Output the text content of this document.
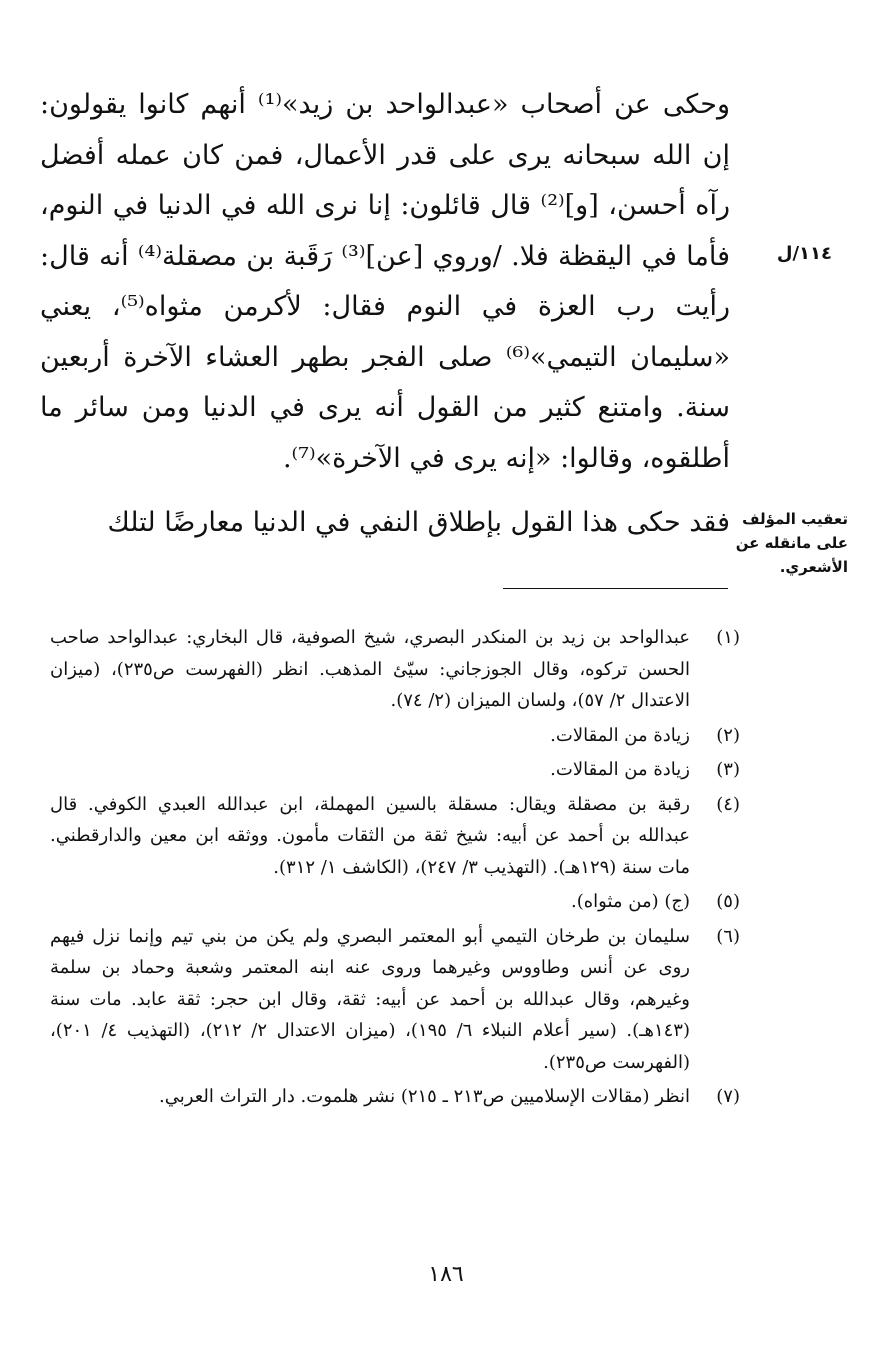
وحكى عن أصحاب «عبدالواحد بن زيد»⁽¹⁾ أنهم كانوا يقولون: إن الله سبحانه يرى على قدر الأعمال، فمن كان عمله أفضل رآه أحسن، [و]⁽²⁾ قال قائلون: إنا نرى الله في الدنيا في النوم، فأما في اليقظة فلا. /وروي [عن]⁽³⁾ رَقَبة بن مصقلة⁽⁴⁾ أنه قال: رأيت رب العزة في النوم فقال: لأكرمن مثواه⁽⁵⁾، يعني «سليمان التيمي»⁽⁶⁾ صلى الفجر بطهر العشاء الآخرة أربعين سنة. وامتنع كثير من القول أنه يرى في الدنيا ومن سائر ما أطلقوه، وقالوا: «إنه يرى في الآخرة»⁽⁷⁾.

فقد حكى هذا القول بإطلاق النفي في الدنيا معارضًا لتلك

١١٤/ل
تعقيب المؤلف على مانقله عن الأشعري.
(١)
عبدالواحد بن زيد بن المنكدر البصري، شيخ الصوفية، قال البخاري: عبدالواحد صاحب الحسن تركوه، وقال الجوزجاني: سيّئ المذهب. انظر (الفهرست ص٢٣٥)، (ميزان الاعتدال ٢/ ٥٧)، ولسان الميزان (٢/ ٧٤).
(٢)
زيادة من المقالات.
(٣)
زيادة من المقالات.
(٤)
رقبة بن مصقلة ويقال: مسقلة بالسين المهملة، ابن عبدالله العبدي الكوفي. قال عبدالله بن أحمد عن أبيه: شيخ ثقة من الثقات مأمون. ووثقه ابن معين والدارقطني. مات سنة (١٢٩هـ). (التهذيب ٣/ ٢٤٧)، (الكاشف ١/ ٣١٢).
(٥)
(ج) (من مثواه).
(٦)
سليمان بن طرخان التيمي أبو المعتمر البصري ولم يكن من بني تيم وإنما نزل فيهم روى عن أنس وطاووس وغيرهما وروى عنه ابنه المعتمر وشعبة وحماد بن سلمة وغيرهم، وقال عبدالله بن أحمد عن أبيه: ثقة، وقال ابن حجر: ثقة عابد. مات سنة (١٤٣هـ). (سير أعلام النبلاء ٦/ ١٩٥)، (ميزان الاعتدال ٢/ ٢١٢)، (التهذيب ٤/ ٢٠١)، (الفهرست ص٢٣٥).
(٧)
انظر (مقالات الإسلاميين ص٢١٣ ـ ٢١٥) نشر هلموت. دار التراث العربي.
١٨٦
